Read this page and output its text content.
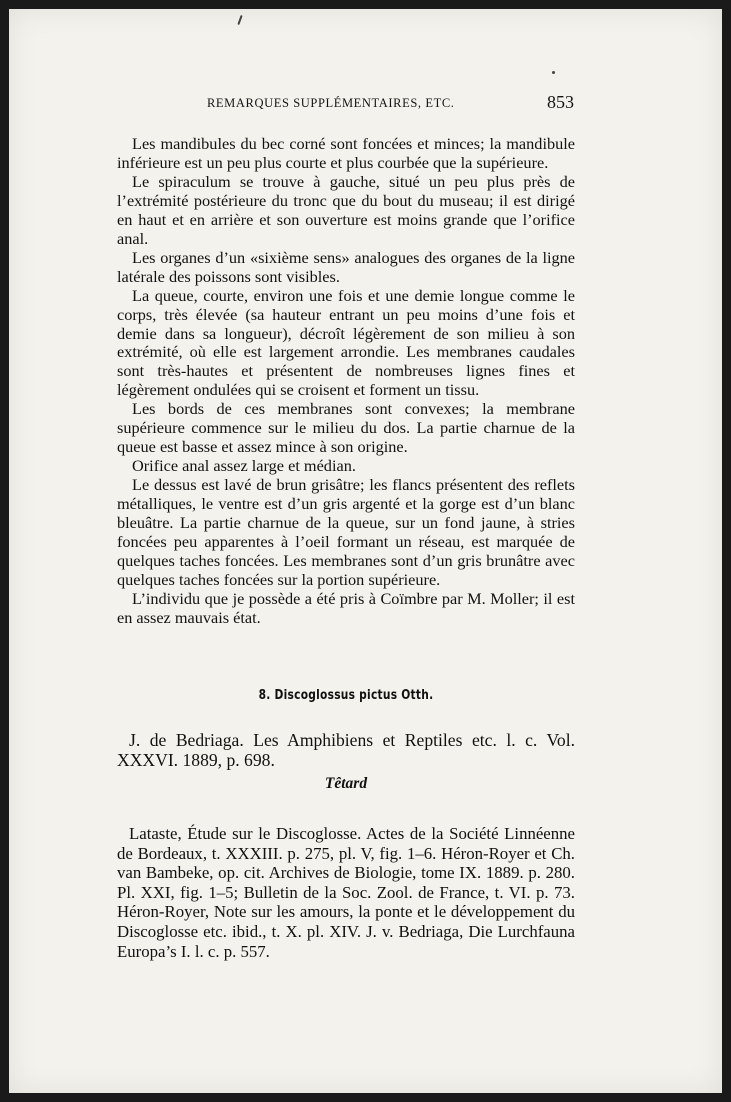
REMARQUES SUPPLÉMENTAIRES, ETC.	853

Les mandibules du bec corné sont foncées et minces; la mandibule inférieure est un peu plus courte et plus courbée que la supérieure.

Le spiraculum se trouve à gauche, situé un peu plus près de l’extrémité postérieure du tronc que du bout du museau; il est dirigé en haut et en arrière et son ouverture est moins grande que l’orifice anal.

Les organes d’un «sixième sens» analogues des organes de la ligne latérale des poissons sont visibles.

La queue, courte, environ une fois et une demie longue comme le corps, très élevée (sa hauteur entrant un peu moins d’une fois et demie dans sa longueur), décroît légèrement de son milieu à son extrémité, où elle est largement arrondie. Les membranes caudales sont très-hautes et présentent de nombreuses lignes fines et légèrement ondulées qui se croisent et forment un tissu.

Les bords de ces membranes sont convexes; la membrane supérieure commence sur le milieu du dos. La partie charnue de la queue est basse et assez mince à son origine.

Orifice anal assez large et médian.

Le dessus est lavé de brun grisâtre; les flancs présentent des reflets métalliques, le ventre est d’un gris argenté et la gorge est d’un blanc bleuâtre. La partie charnue de la queue, sur un fond jaune, à stries foncées peu apparentes à l’oeil formant un réseau, est marquée de quelques taches foncées. Les membranes sont d’un gris brunâtre avec quelques taches foncées sur la portion supérieure.

L’individu que je possède a été pris à Coïmbre par M. Moller; il est en assez mauvais état.

8. Discoglossus pictus Otth.

J. de Bedriaga. Les Amphibiens et Reptiles etc. l. c. Vol. XXXVI. 1889, p. 698.

Têtard

Lataste, Étude sur le Discoglosse. Actes de la Société Linnéenne de Bordeaux, t. XXXIII. p. 275, pl. V, fig. 1–6. Héron-Royer et Ch. van Bambeke, op. cit. Archives de Biologie, tome IX. 1889. p. 280. Pl. XXI, fig. 1–5; Bulletin de la Soc. Zool. de France, t. VI. p. 73. Héron-Royer, Note sur les amours, la ponte et le développement du Discoglosse etc. ibid., t. X. pl. XIV. J. v. Bedriaga, Die Lurchfauna Europa’s I. l. c. p. 557.
